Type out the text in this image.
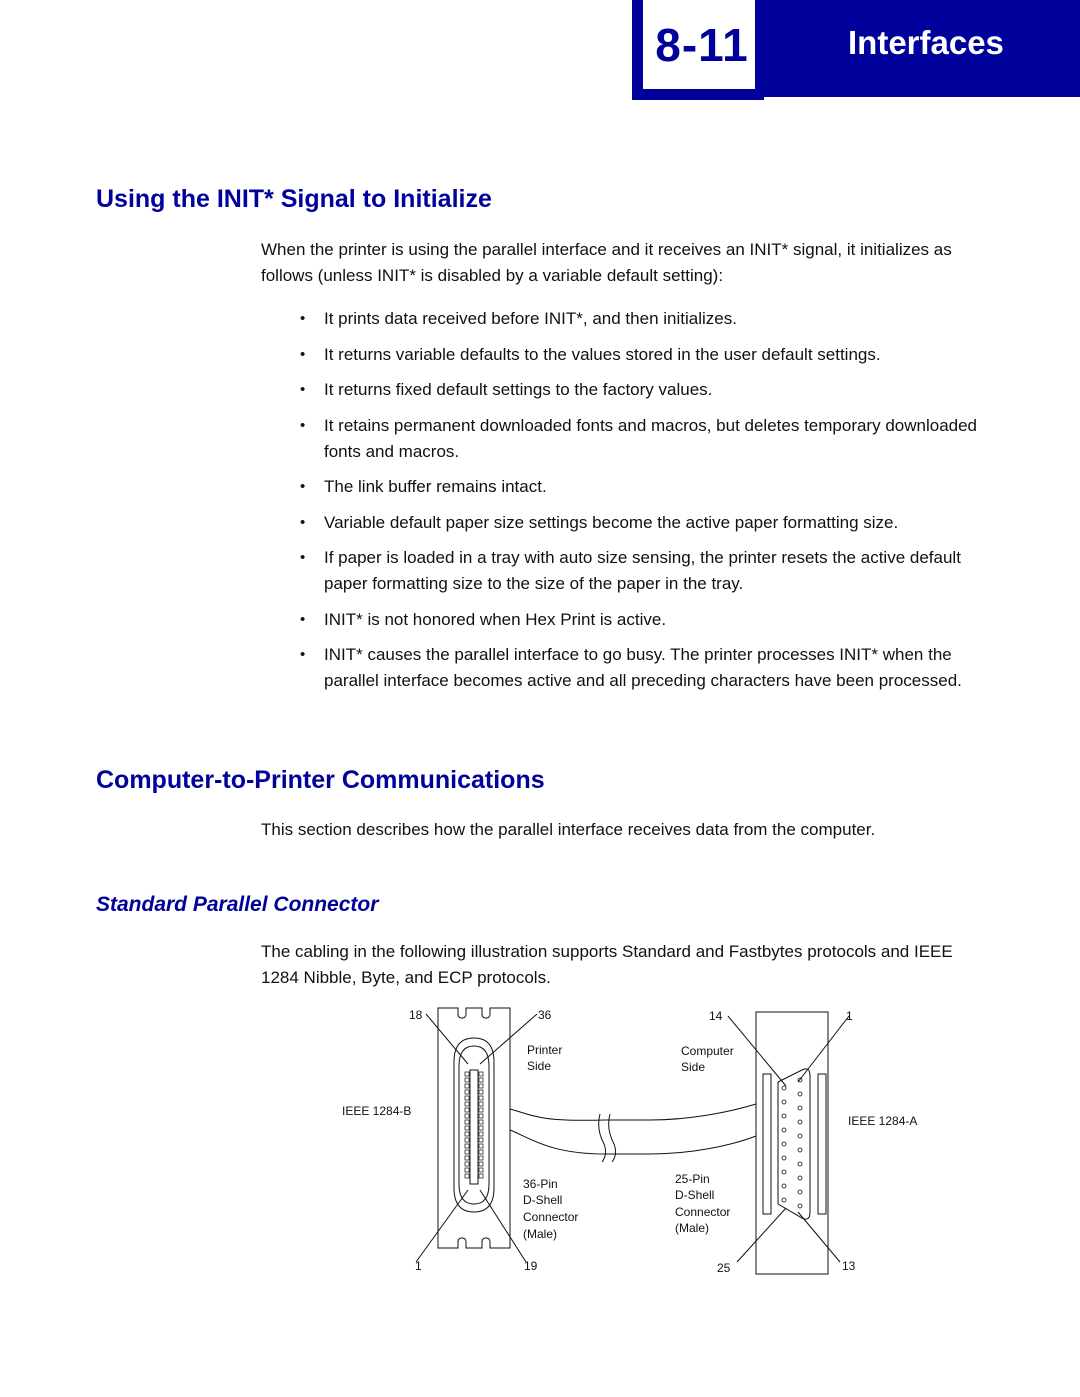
Interfaces
8-11
Using the INIT* Signal to Initialize

When the printer is using the parallel interface and it receives an INIT* signal, it initializes as follows (unless INIT* is disabled by a variable default setting):

• It prints data received before INIT*, and then initializes.
• It returns variable defaults to the values stored in the user default settings.
• It returns fixed default settings to the factory values.
• It retains permanent downloaded fonts and macros, but deletes temporary downloaded fonts and macros.
• The link buffer remains intact.
• Variable default paper size settings become the active paper formatting size.
• If paper is loaded in a tray with auto size sensing, the printer resets the active default paper formatting size to the size of the paper in the tray.
• INIT* is not honored when Hex Print is active.
• INIT* causes the parallel interface to go busy. The printer processes INIT* when the parallel interface becomes active and all preceding characters have been processed.
Computer-to-Printer Communications

This section describes how the parallel interface receives data from the computer.

Standard Parallel Connector

The cabling in the following illustration supports Standard and Fastbytes protocols and IEEE 1284 Nibble, Byte, and ECP protocols.

18	36
Printer
Side
IEEE 1284-B
36-Pin
D-Shell
Connector
(Male)
1	19
14	1
Computer
Side
IEEE 1284-A
25-Pin
D-Shell
Connector
(Male)
25	13
